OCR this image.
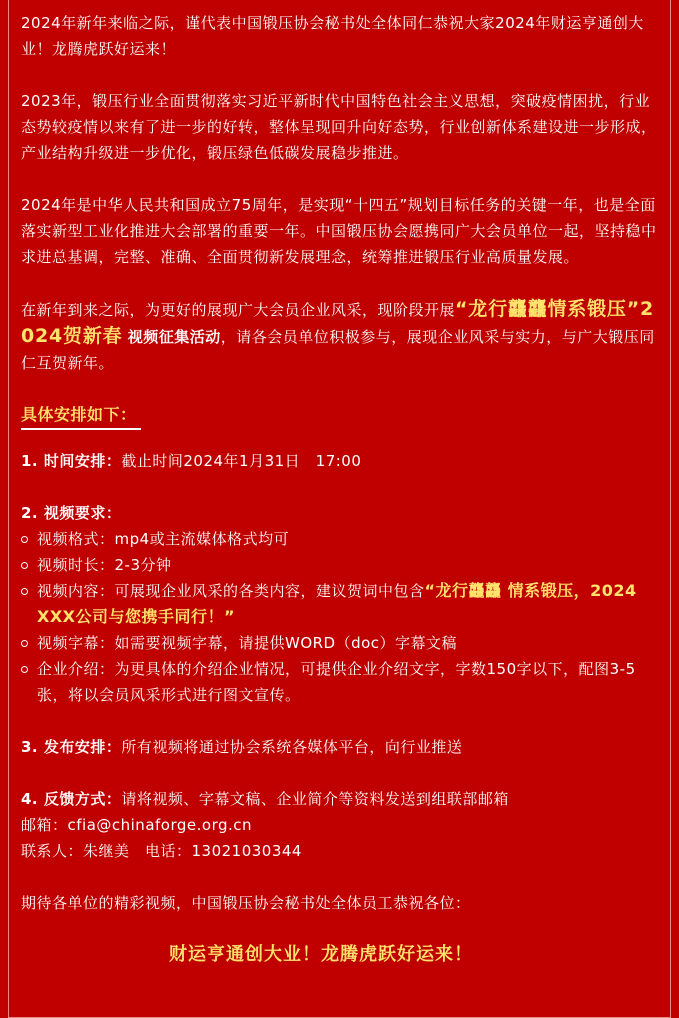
2024年新年来临之际，谨代表中国锻压协会秘书处全体同仁恭祝大家2024年财运亨通创大业！龙腾虎跃好运来！

2023年，锻压行业全面贯彻落实习近平新时代中国特色社会主义思想，突破疫情困扰，行业态势较疫情以来有了进一步的好转，整体呈现回升向好态势，行业创新体系建设进一步形成，产业结构升级进一步优化，锻压绿色低碳发展稳步推进。

2024年是中华人民共和国成立75周年，是实现“十四五”规划目标任务的关键一年，也是全面落实新型工业化推进大会部署的重要一年。中国锻压协会愿携同广大会员单位一起，坚持稳中求进总基调，完整、准确、全面贯彻新发展理念，统筹推进锻压行业高质量发展。

在新年到来之际，为更好的展现广大会员企业风采，现阶段开展“龙行龘龘情系锻压”2024贺新春 视频征集活动，请各会员单位积极参与，展现企业风采与实力，与广大锻压同仁互贺新年。

具体安排如下：

1. 时间安排：截止时间2024年1月31日　17:00

2. 视频要求：

视频格式：mp4或主流媒体格式均可
视频时长：2-3分钟
视频内容：可展现企业风采的各类内容，建议贺词中包含“龙行龘龘 情系锻压，2024 XXX公司与您携手同行！”
视频字幕：如需要视频字幕，请提供WORD（doc）字幕文稿
企业介绍：为更具体的介绍企业情况，可提供企业介绍文字，字数150字以下，配图3-5张，将以会员风采形式进行图文宣传。

3. 发布安排：所有视频将通过协会系统各媒体平台，向行业推送

4. 反馈方式：请将视频、字幕文稿、企业简介等资料发送到组联部邮箱

邮箱：cfia@chinaforge.org.cn

联系人：朱继美　电话：13021030344

期待各单位的精彩视频，中国锻压协会秘书处全体员工恭祝各位：

财运亨通创大业！龙腾虎跃好运来！
